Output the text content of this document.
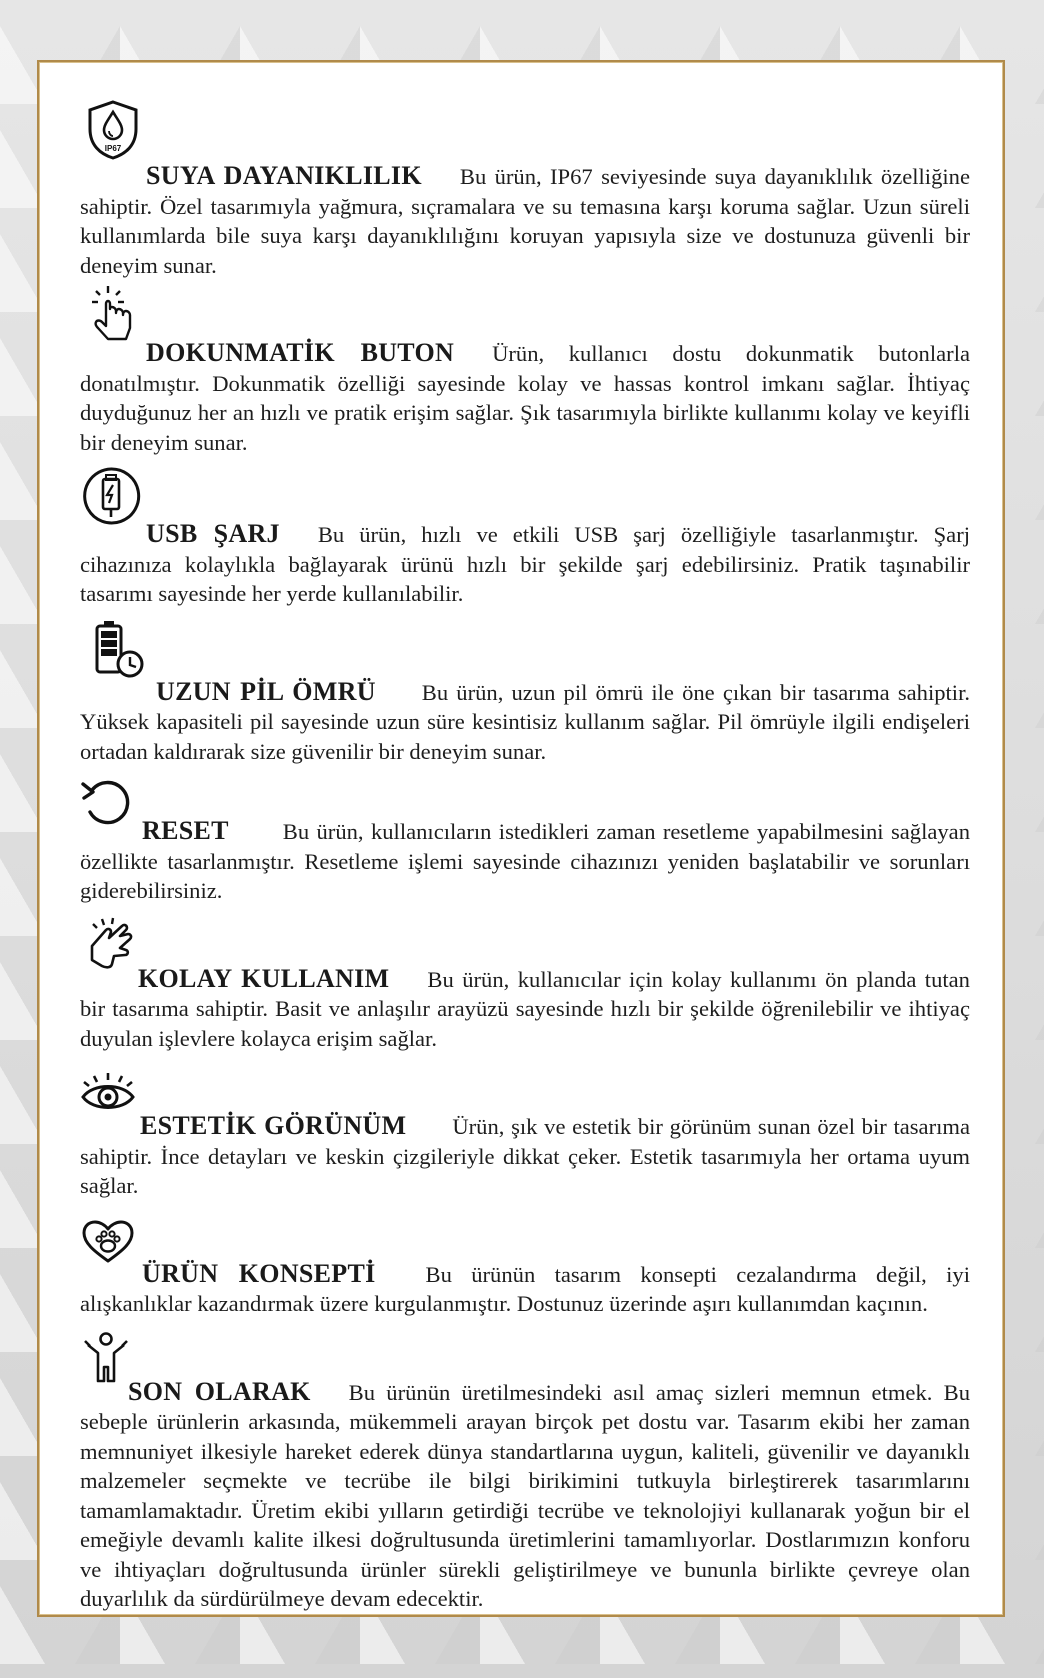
IP67

SUYA DAYANIKLILIK Bu ürün, IP67 seviyesinde suya dayanıklılık özelliğine sahiptir. Özel tasarımıyla yağmura, sıçramalara ve su temasına karşı koruma sağlar. Uzun süreli kullanımlarda bile suya karşı dayanıklılığını koruyan yapısıyla size ve dostunuza güvenli bir deneyim sunar.

DOKUNMATİK BUTON Ürün, kullanıcı dostu dokunmatik butonlarla donatılmıştır. Dokunmatik özelliği sayesinde kolay ve hassas kontrol imkanı sağlar. İhtiyaç duyduğunuz her an hızlı ve pratik erişim sağlar. Şık tasarımıyla birlikte kullanımı kolay ve keyifli bir deneyim sunar.

USB ŞARJ Bu ürün, hızlı ve etkili USB şarj özelliğiyle tasarlanmıştır. Şarj cihazınıza kolaylıkla bağlayarak ürünü hızlı bir şekilde şarj edebilirsiniz. Pratik taşınabilir tasarımı sayesinde her yerde kullanılabilir.

UZUN PİL ÖMRÜ Bu ürün, uzun pil ömrü ile öne çıkan bir tasarıma sahiptir. Yüksek kapasiteli pil sayesinde uzun süre kesintisiz kullanım sağlar. Pil ömrüyle ilgili endişeleri ortadan kaldırarak size güvenilir bir deneyim sunar.

RESET Bu ürün, kullanıcıların istedikleri zaman resetleme yapabilmesini sağlayan özellikte tasarlanmıştır. Resetleme işlemi sayesinde cihazınızı yeniden başlatabilir ve sorunları giderebilirsiniz.

KOLAY KULLANIM Bu ürün, kullanıcılar için kolay kullanımı ön planda tutan bir tasarıma sahiptir. Basit ve anlaşılır arayüzü sayesinde hızlı bir şekilde öğrenilebilir ve ihtiyaç duyulan işlevlere kolayca erişim sağlar.

ESTETİK GÖRÜNÜM Ürün, şık ve estetik bir görünüm sunan özel bir tasarıma sahiptir. İnce detayları ve keskin çizgileriyle dikkat çeker. Estetik tasarımıyla her ortama uyum sağlar.

ÜRÜN KONSEPTİ Bu ürünün tasarım konsepti cezalandırma değil, iyi alışkanlıklar kazandırmak üzere kurgulanmıştır. Dostunuz üzerinde aşırı kullanımdan kaçının.

SON OLARAK Bu ürünün üretilmesindeki asıl amaç sizleri memnun etmek. Bu sebeple ürünlerin arkasında, mükemmeli arayan birçok pet dostu var. Tasarım ekibi her zaman memnuniyet ilkesiyle hareket ederek dünya standartlarına uygun, kaliteli, güvenilir ve dayanıklı malzemeler seçmekte ve tecrübe ile bilgi birikimini tutkuyla birleştirerek tasarımlarını tamamlamaktadır. Üretim ekibi yılların getirdiği tecrübe ve teknolojiyi kullanarak yoğun bir el emeğiyle devamlı kalite ilkesi doğrultusunda üretimlerini tamamlıyorlar. Dostlarımızın konforu ve ihtiyaçları doğrultusunda ürünler sürekli geliştirilmeye ve bununla birlikte çevreye olan duyarlılık da sürdürülmeye devam edecektir.
